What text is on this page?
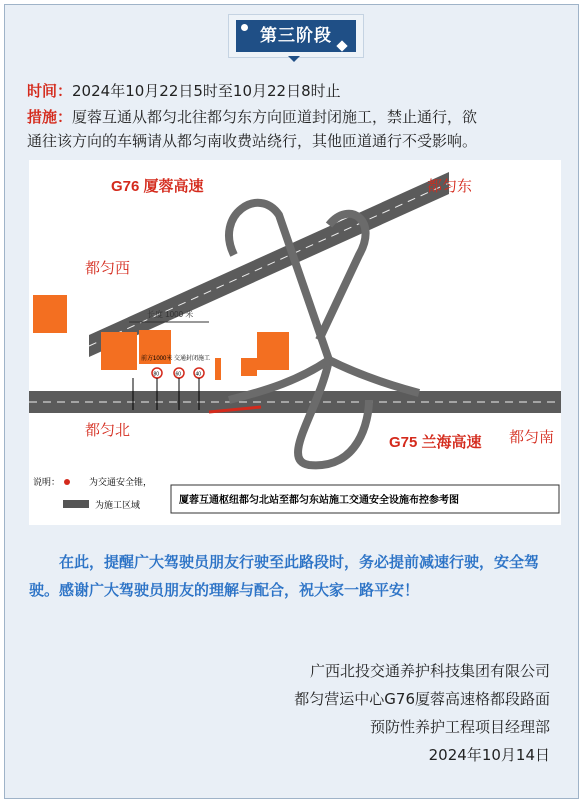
第三阶段
时间：2024年10月22日5时至10月22日8时止
措施：厦蓉互通从都匀北往都匀东方向匝道封闭施工，禁止通行，欲
通往该方向的车辆请从都匀南收费站绕行，其他匝道通行不受影响。
G76 厦蓉高速	都匀东
都匀西
都匀北
G75 兰海高速 都匀南
长度 1000 米
前方1000米 交通封闭施工
80	60	40
说明：	为交通安全锥，
为施工区域	厦蓉互通枢纽都匀北站至都匀东站施工交通安全设施布控参考图
在此，提醒广大驾驶员朋友行驶至此路段时，务必提前减速行驶，安全驾驶。感谢广大驾驶员朋友的理解与配合，祝大家一路平安！
广西北投交通养护科技集团有限公司
都匀营运中心G76厦蓉高速格都段路面
预防性养护工程项目经理部
2024年10月14日
